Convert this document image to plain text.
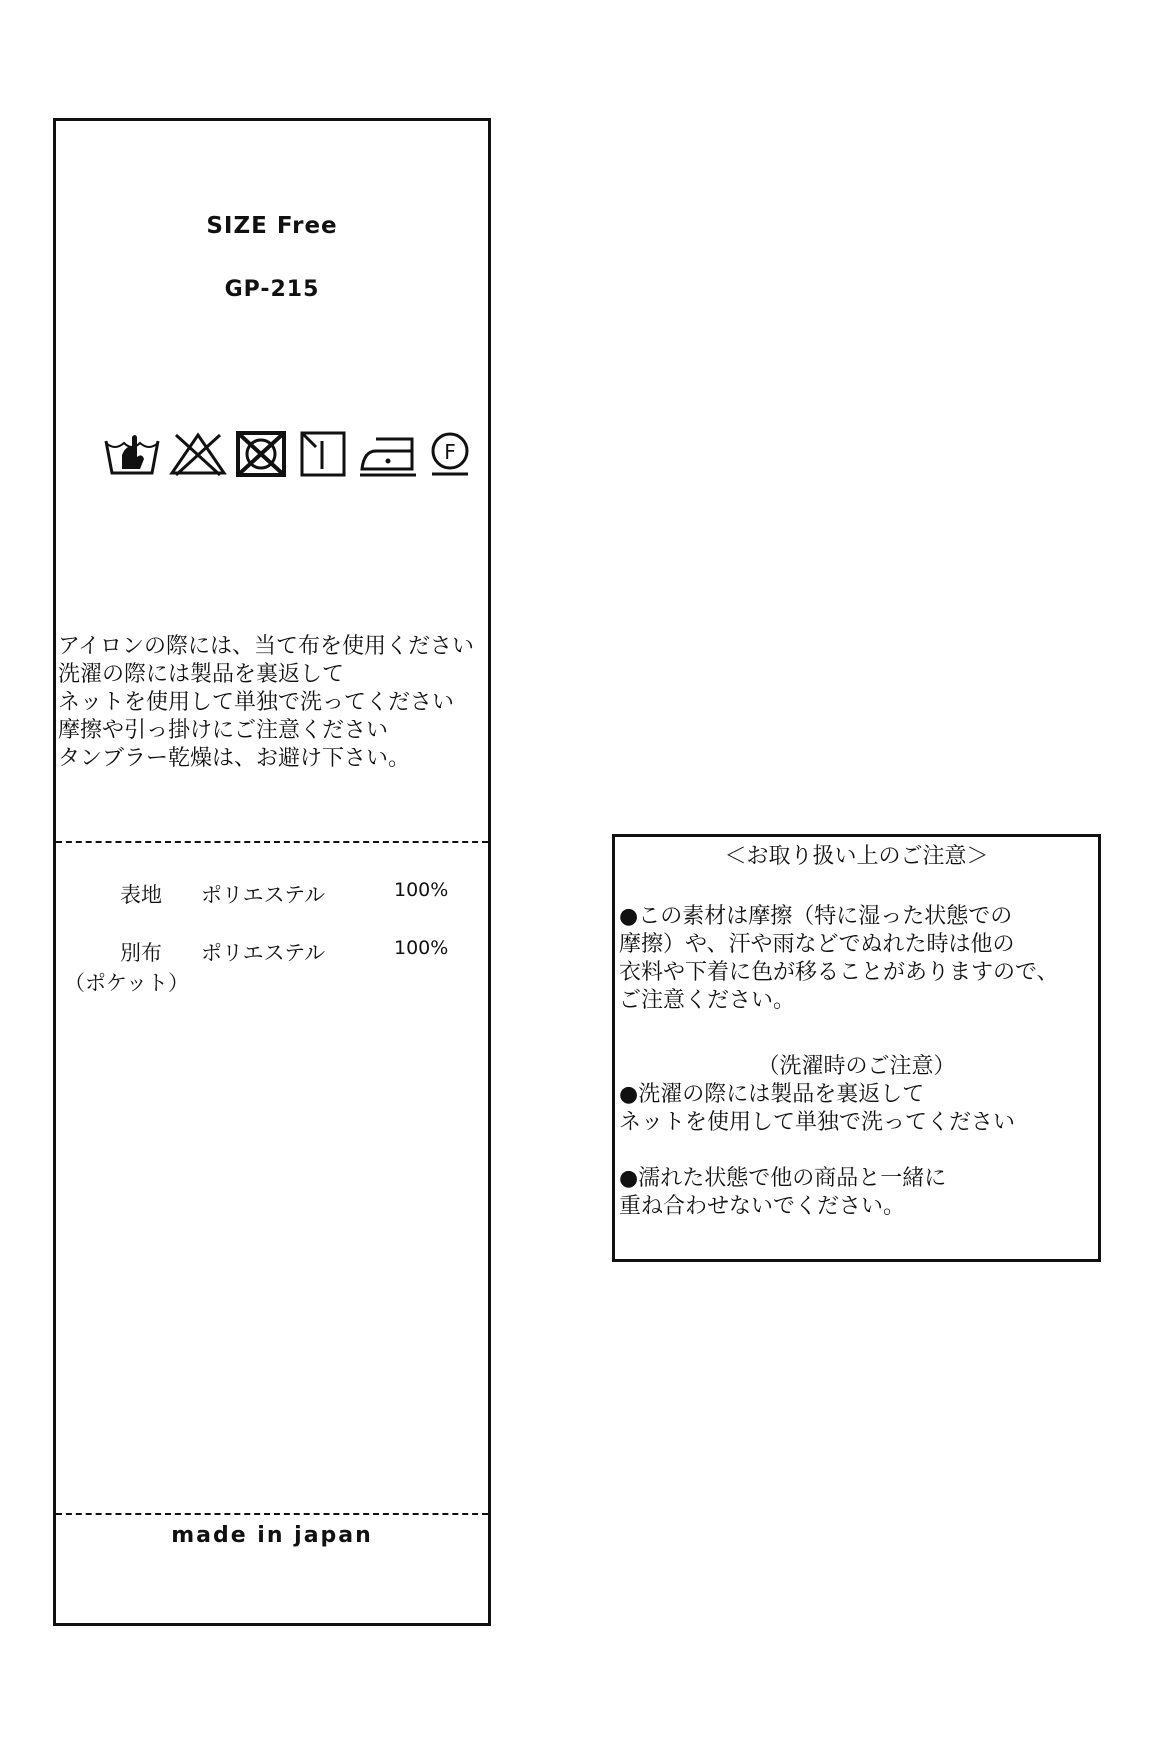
SIZE Free
GP-215
F
アイロンの際には、当て布を使用ください
洗濯の際には製品を裏返して
ネットを使用して単独で洗ってください
摩擦や引っ掛けにご注意ください
タンブラー乾燥は、お避け下さい。
表地	ポリエステル	100%
別布
（ポケット）
ポリエステル	100%
made in japan
＜お取り扱い上のご注意＞
●この素材は摩擦（特に湿った状態での
摩擦）や、汗や雨などでぬれた時は他の
衣料や下着に色が移ることがありますので、
ご注意ください。
（洗濯時のご注意）
●洗濯の際には製品を裏返して
ネットを使用して単独で洗ってください
●濡れた状態で他の商品と一緒に
重ね合わせないでください。
